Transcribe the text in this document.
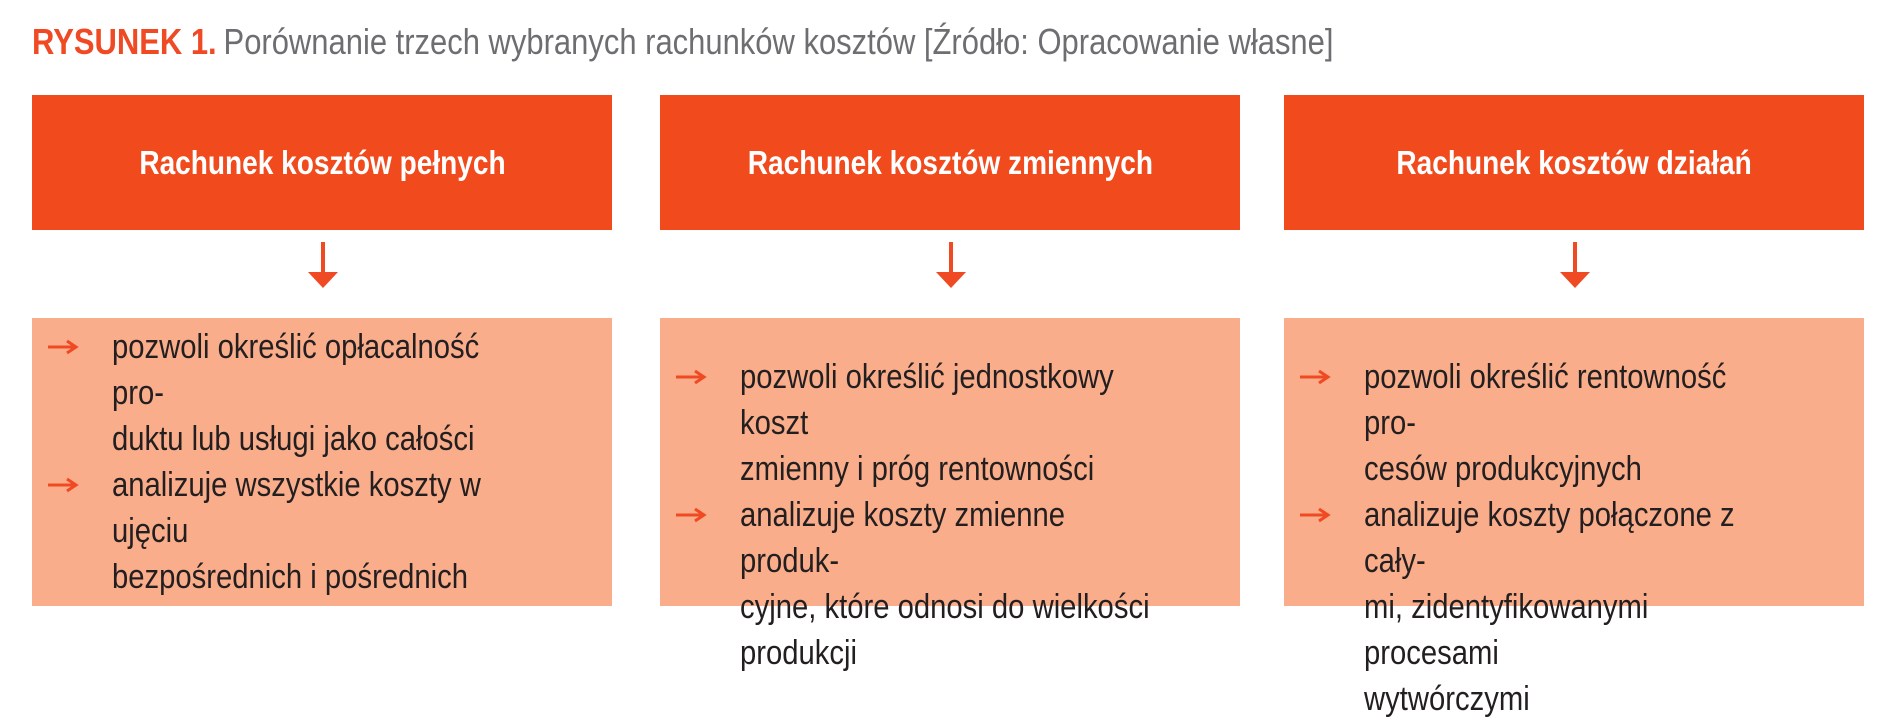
RYSUNEK 1. Porównanie trzech wybranych rachunków kosztów [Źródło: Opracowanie własne]
Rachunek kosztów pełnych
pozwoli określić opłacalność pro-
duktu lub usługi jako całości
analizuje wszystkie koszty w ujęciu
bezpośrednich i pośrednich
Rachunek kosztów zmiennych
pozwoli określić jednostkowy koszt
zmienny i próg rentowności
analizuje koszty zmienne produk-
cyjne, które odnosi do wielkości
produkcji
Rachunek kosztów działań
pozwoli określić rentowność pro-
cesów produkcyjnych
analizuje koszty połączone z cały-
mi, zidentyfikowanymi procesami
wytwórczymi
